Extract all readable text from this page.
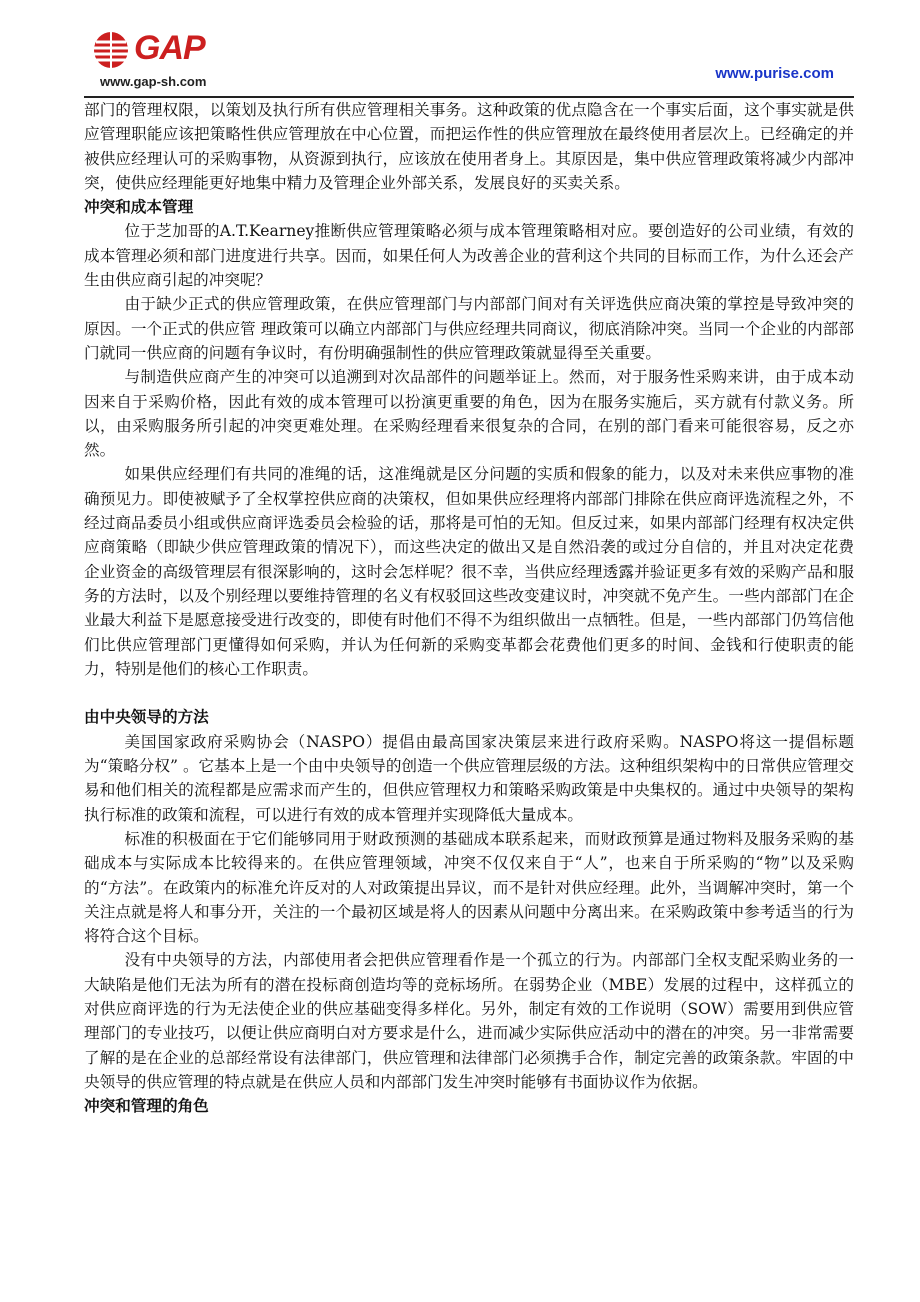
GAP
www.gap-sh.com	www.purise.com

部门的管理权限，以策划及执行所有供应管理相关事务。这种政策的优点隐含在一个事实后面，这个事实就是供应管理职能应该把策略性供应管理放在中心位置，而把运作性的供应管理放在最终使用者层次上。已经确定的并被供应经理认可的采购事物，从资源到执行，应该放在使用者身上。其原因是，集中供应管理政策将减少内部冲突，使供应经理能更好地集中精力及管理企业外部关系，发展良好的买卖关系。

冲突和成本管理

位于芝加哥的A.T.Kearney推断供应管理策略必须与成本管理策略相对应。要创造好的公司业绩，有效的成本管理必须和部门进度进行共享。因而，如果任何人为改善企业的营利这个共同的目标而工作，为什么还会产生由供应商引起的冲突呢？

由于缺少正式的供应管理政策，在供应管理部门与内部部门间对有关评选供应商决策的掌控是导致冲突的原因。一个正式的供应管 理政策可以确立内部部门与供应经理共同商议，彻底消除冲突。当同一个企业的内部部门就同一供应商的问题有争议时，有份明确强制性的供应管理政策就显得至关重要。

与制造供应商产生的冲突可以追溯到对次品部件的问题举证上。然而，对于服务性采购来讲，由于成本动因来自于采购价格，因此有效的成本管理可以扮演更重要的角色，因为在服务实施后，买方就有付款义务。所以，由采购服务所引起的冲突更难处理。在采购经理看来很复杂的合同，在别的部门看来可能很容易，反之亦然。

如果供应经理们有共同的准绳的话，这准绳就是区分问题的实质和假象的能力，以及对未来供应事物的准确预见力。即使被赋予了全权掌控供应商的决策权，但如果供应经理将内部部门排除在供应商评选流程之外，不经过商品委员小组或供应商评选委员会检验的话，那将是可怕的无知。但反过来，如果内部部门经理有权决定供应商策略（即缺少供应管理政策的情况下），而这些决定的做出又是自然沿袭的或过分自信的，并且对决定花费企业资金的高级管理层有很深影响的，这时会怎样呢？很不幸，当供应经理透露并验证更多有效的采购产品和服务的方法时，以及个别经理以要维持管理的名义有权驳回这些改变建议时，冲突就不免产生。一些内部部门在企业最大利益下是愿意接受进行改变的，即使有时他们不得不为组织做出一点牺牲。但是，一些内部部门仍笃信他们比供应管理部门更懂得如何采购，并认为任何新的采购变革都会花费他们更多的时间、金钱和行使职责的能力，特别是他们的核心工作职责。

由中央领导的方法

美国国家政府采购协会（NASPO）提倡由最高国家决策层来进行政府采购。NASPO将这一提倡标题为“策略分权” 。它基本上是一个由中央领导的创造一个供应管理层级的方法。这种组织架构中的日常供应管理交易和他们相关的流程都是应需求而产生的，但供应管理权力和策略采购政策是中央集权的。通过中央领导的架构执行标准的政策和流程，可以进行有效的成本管理并实现降低大量成本。

标准的积极面在于它们能够同用于财政预测的基础成本联系起来，而财政预算是通过物料及服务采购的基础成本与实际成本比较得来的。在供应管理领域，冲突不仅仅来自于“人”，也来自于所采购的“物”以及采购的“方法”。在政策内的标准允许反对的人对政策提出异议，而不是针对供应经理。此外，当调解冲突时，第一个关注点就是将人和事分开，关注的一个最初区域是将人的因素从问题中分离出来。在采购政策中参考适当的行为将符合这个目标。

没有中央领导的方法，内部使用者会把供应管理看作是一个孤立的行为。内部部门全权支配采购业务的一大缺陷是他们无法为所有的潜在投标商创造均等的竞标场所。在弱势企业（MBE）发展的过程中，这样孤立的对供应商评选的行为无法使企业的供应基础变得多样化。另外，制定有效的工作说明（SOW）需要用到供应管理部门的专业技巧，以便让供应商明白对方要求是什么，进而减少实际供应活动中的潜在的冲突。另一非常需要了解的是在企业的总部经常设有法律部门，供应管理和法律部门必须携手合作，制定完善的政策条款。牢固的中央领导的供应管理的特点就是在供应人员和内部部门发生冲突时能够有书面协议作为依据。

冲突和管理的角色
